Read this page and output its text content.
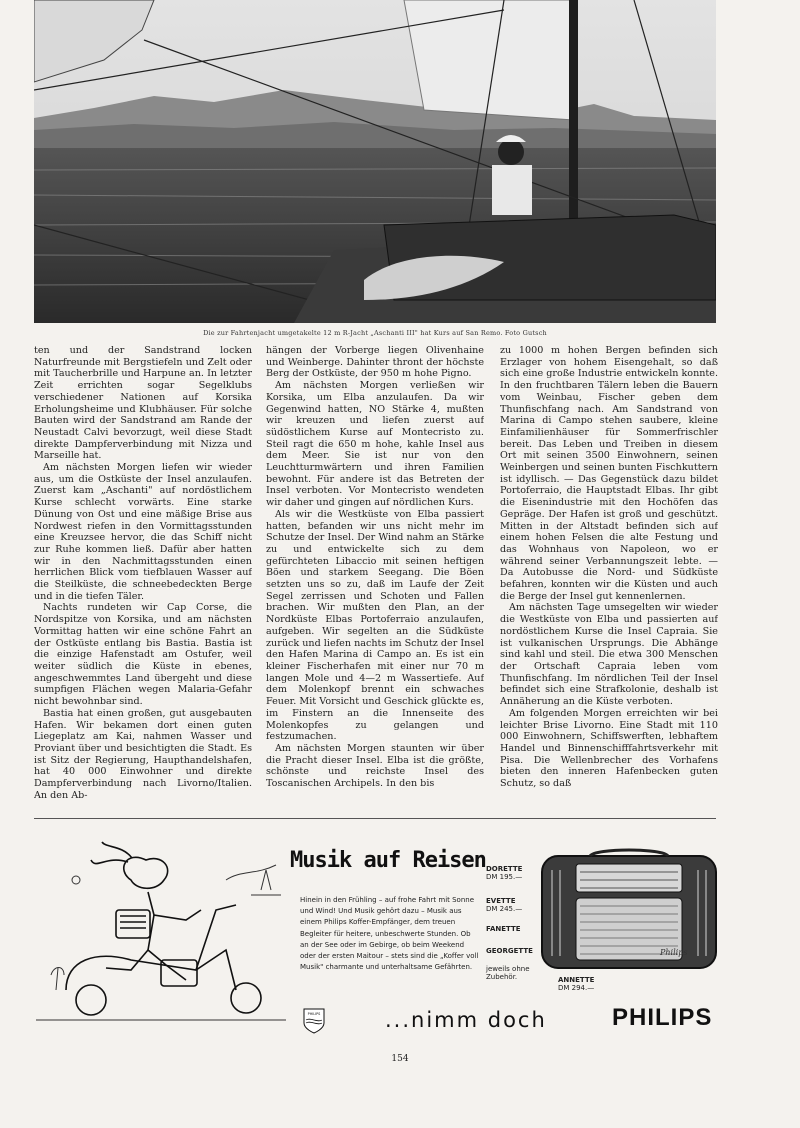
Die zur Fahrtenjacht umgetakelte 12 m R-Jacht „Aschanti III" hat Kurs auf San Remo. Foto Gutsch

ten und der Sandstrand locken Naturfreunde mit Bergstiefeln und Zelt oder mit Taucherbrille und Harpune an. In letzter Zeit errichten sogar Segelklubs verschiedener Nationen auf Korsika Erholungsheime und Klubhäuser. Für solche Bauten wird der Sandstrand am Rande der Neustadt Calvi bevorzugt, weil diese Stadt direkte Dampferverbindung mit Nizza und Marseille hat.

Am nächsten Morgen liefen wir wieder aus, um die Ostküste der Insel anzulaufen. Zuerst kam „Aschanti" auf nordöstlichem Kurse schlecht vorwärts. Eine starke Dünung von Ost und eine mäßige Brise aus Nordwest riefen in den Vormittagsstunden eine Kreuzsee hervor, die das Schiff nicht zur Ruhe kommen ließ. Dafür aber hatten wir in den Nachmittagsstunden einen herrlichen Blick vom tiefblauen Wasser auf die Steilküste, die schneebedeckten Berge und in die tiefen Täler.

Nachts rundeten wir Cap Corse, die Nordspitze von Korsika, und am nächsten Vormittag hatten wir eine schöne Fahrt an der Ostküste entlang bis Bastia. Bastia ist die einzige Hafenstadt am Ostufer, weil weiter südlich die Küste in ebenes, angeschwemmtes Land übergeht und diese sumpfigen Flächen wegen Malaria-Gefahr nicht bewohnbar sind.

Bastia hat einen großen, gut ausgebauten Hafen. Wir bekamen dort einen guten Liegeplatz am Kai, nahmen Wasser und Proviant über und besichtigten die Stadt. Es ist Sitz der Regierung, Haupthandelshafen, hat 40 000 Einwohner und direkte Dampferverbindung nach Livorno/Italien. An den Ab-

hängen der Vorberge liegen Olivenhaine und Weinberge. Dahinter thront der höchste Berg der Ostküste, der 950 m hohe Pigno.

Am nächsten Morgen verließen wir Korsika, um Elba anzulaufen. Da wir Gegenwind hatten, NO Stärke 4, mußten wir kreuzen und liefen zuerst auf südöstlichem Kurse auf Montecristo zu. Steil ragt die 650 m hohe, kahle Insel aus dem Meer. Sie ist nur von den Leuchtturmwärtern und ihren Familien bewohnt. Für andere ist das Betreten der Insel verboten. Vor Montecristo wendeten wir daher und gingen auf nördlichen Kurs.

Als wir die Westküste von Elba passiert hatten, befanden wir uns nicht mehr im Schutze der Insel. Der Wind nahm an Stärke zu und entwickelte sich zu dem gefürchteten Libaccio mit seinen heftigen Böen und starkem Seegang. Die Böen setzten uns so zu, daß im Laufe der Zeit Segel zerrissen und Schoten und Fallen brachen. Wir mußten den Plan, an der Nordküste Elbas Portoferraio anzulaufen, aufgeben. Wir segelten an die Südküste zurück und liefen nachts im Schutz der Insel den Hafen Marina di Campo an. Es ist ein kleiner Fischerhafen mit einer nur 70 m langen Mole und 4—2 m Wassertiefe. Auf dem Molenkopf brennt ein schwaches Feuer. Mit Vorsicht und Geschick glückte es, im Finstern an die Innenseite des Molenkopfes zu gelangen und festzumachen.

Am nächsten Morgen staunten wir über die Pracht dieser Insel. Elba ist die größte, schönste und reichste Insel des Toscanischen Archipels. In den bis

zu 1000 m hohen Bergen befinden sich Erzlager von hohem Eisengehalt, so daß sich eine große Industrie entwickeln konnte. In den fruchtbaren Tälern leben die Bauern vom Weinbau, Fischer geben dem Thunfischfang nach. Am Sandstrand von Marina di Campo stehen saubere, kleine Einfamilienhäuser für Sommerfrischler bereit. Das Leben und Treiben in diesem Ort mit seinen 3500 Einwohnern, seinen Weinbergen und seinen bunten Fischkuttern ist idyllisch. — Das Gegenstück dazu bildet Portoferraio, die Hauptstadt Elbas. Ihr gibt die Eisenindustrie mit den Hochöfen das Gepräge. Der Hafen ist groß und geschützt. Mitten in der Altstadt befinden sich auf einem hohen Felsen die alte Festung und das Wohnhaus von Napoleon, wo er während seiner Verbannungszeit lebte. — Da Autobusse die Nord- und Südküste befahren, konnten wir die Küsten und auch die Berge der Insel gut kennenlernen.

Am nächsten Tage umsegelten wir wieder die Westküste von Elba und passierten auf nordöstlichem Kurse die Insel Capraia. Sie ist vulkanischen Ursprungs. Die Abhänge sind kahl und steil. Die etwa 300 Menschen der Ortschaft Capraia leben vom Thunfischfang. Im nördlichen Teil der Insel befindet sich eine Strafkolonie, deshalb ist Annäherung an die Küste verboten.

Am folgenden Morgen erreichten wir bei leichter Brise Livorno. Eine Stadt mit 110 000 Einwohnern, Schiffswerften, lebhaftem Handel und Binnenschifffahrtsverkehr mit Pisa. Die Wellenbrecher des Vorhafens bieten den inneren Hafenbecken guten Schutz, so daß

Musik auf Reisen
Hinein in den Frühling – auf frohe Fahrt mit Sonne und Wind! Und Musik gehört dazu – Musik aus einem Philips Koffer-Empfänger, dem treuen Begleiter für heitere, unbeschwerte Stunden. Ob an der See oder im Gebirge, ob beim Weekend oder der ersten Maitour – stets sind die „Koffer voll Musik" charmante und unterhaltsame Gefährten.
DORETTE
DM 195.—
EVETTE
DM 245.—
FANETTE
GEORGETTE
jeweils ohne Zubehör.
Philips
ANNETTE
DM 294.—
PHILIPS	...nimm doch	PHILIPS
154
